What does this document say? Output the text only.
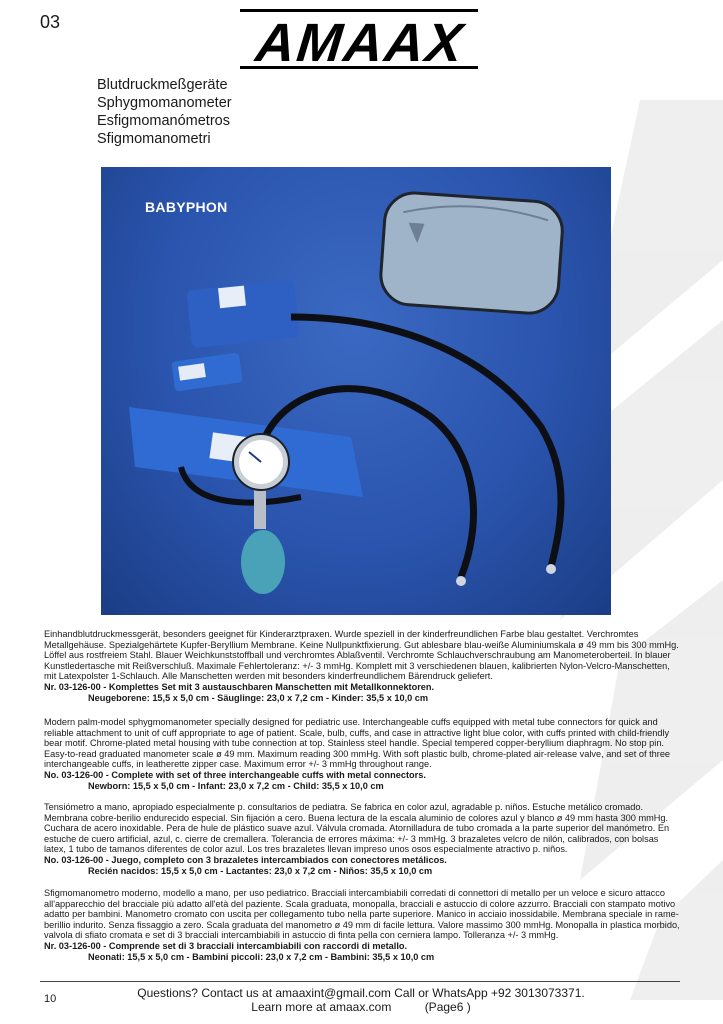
03	AMAAX
Blutdruckmeßgeräte
Sphygmomanometer
Esfigmomanómetros
Sfigmomanometri
BABYPHON

Einhandblutdruckmessgerät, besonders geeignet für Kinderarztpraxen. Wurde speziell in der kinderfreundlichen Farbe blau gestaltet. Verchromtes Metallgehäuse. Spezialgehärtete Kupfer-Beryllium Membrane. Keine Nullpunktfixierung. Gut ablesbare blau-weiße Aluminiumskala ø 49 mm bis 300 mmHg. Löffel aus rostfreiem Stahl. Blauer Weichkunststoffball und verchromtes Ablaßventil. Verchromte Schlauchverschraubung am Manometeroberteil. In blauer Kunstledertasche mit Reißverschluß. Maximale Fehlertoleranz: +/- 3 mmHg. Komplett mit 3 verschiedenen blauen, kalibrierten Nylon-Velcro-Manschetten, mit Latexpolster 1-Schlauch. Alle Manschetten werden mit besonders kinderfreundlichem Bärendruck geliefert.

Nr. 03-126-00 - Komplettes Set mit 3 austauschbaren Manschetten mit Metallkonnektoren.

Neugeborene: 15,5 x 5,0 cm - Säuglinge: 23,0 x 7,2 cm - Kinder: 35,5 x 10,0 cm

Modern palm-model sphygmomanometer specially designed for pediatric use. Interchangeable cuffs equipped with metal tube connectors for quick and reliable attachment to unit of cuff appropriate to age of patient. Scale, bulb, cuffs, and case in attractive light blue color, with cuffs printed with child-friendly bear motif. Chrome-plated metal housing with tube connection at top. Stainless steel handle. Special tempered copper-beryllium diaphragm. No stop pin. Easy-to-read graduated manometer scale ø 49 mm. Maximum reading 300 mmHg. With soft plastic bulb, chrome-plated air-release valve, and set of three interchangeable cuffs, in leatherette zipper case. Maximum error +/- 3 mmHg throughout range.

No. 03-126-00 - Complete with set of three interchangeable cuffs with metal connectors.

Newborn: 15,5 x 5,0 cm - Infant: 23,0 x 7,2 cm - Child: 35,5 x 10,0 cm

Tensiómetro a mano, apropiado especialmente p. consultarios de pediatra. Se fabrica en color azul, agradable p. niños. Estuche metálico cromado. Membrana cobre-berilio endurecido especial. Sin fijación a cero. Buena lectura de la escala aluminio de colores azul y blanco ø 49 mm hasta 300 mmHg. Cuchara de acero inoxidable. Pera de hule de plástico suave azul. Válvula cromada. Atornilladura de tubo cromada a la parte superior del manómetro. En estuche de cuero artificial, azul, c. cierre de cremallera. Tolerancia de errores máxima: +/- 3 mmHg. 3 brazaletes velcro de nilón, calibrados, con bolsas latex, 1 tubo de tamanos diferentes de color azul. Los tres brazaletes llevan impreso unos osos especialmente atractivo p. niños.

No. 03-126-00 - Juego, completo con 3 brazaletes intercambiados con conectores metálicos.

Recién nacidos: 15,5 x 5,0 cm - Lactantes: 23,0 x 7,2 cm - Niños: 35,5 x 10,0 cm

Sfigmomanometro moderno, modello a mano, per uso pediatrico. Bracciali intercambiabili corredati di connettori di metallo per un veloce e sicuro attacco all'apparecchio del bracciale più adatto all'età del paziente. Scala graduata, monopalla, bracciali e astuccio di colore azzurro. Bracciali con stampato motivo adatto per bambini. Manometro cromato con uscita per collegamento tubo nella parte superiore. Manico in acciaio inossidabile. Membrana speciale in rame-berillio indurito. Senza fissaggio a zero. Scala graduata del manometro ø 49 mm di facile lettura. Valore massimo 300 mmHg. Monopalla in plastica morbido, valvola di sfiato cromata e set di 3 bracciali intercambiabili in astuccio di finta pella con cerniera lampo. Tolleranza +/- 3 mmHg.

Nr. 03-126-00 - Comprende set di 3 bracciali intercambiabili con raccordi di metallo.

Neonati: 15,5 x 5,0 cm - Bambini piccoli: 23,0 x 7,2 cm - Bambini: 35,5 x 10,0 cm

10	Questions? Contact us at amaaxint@gmail.com Call or WhatsApp +92 3013073371.
Learn more at amaax.com	(Page6 )
